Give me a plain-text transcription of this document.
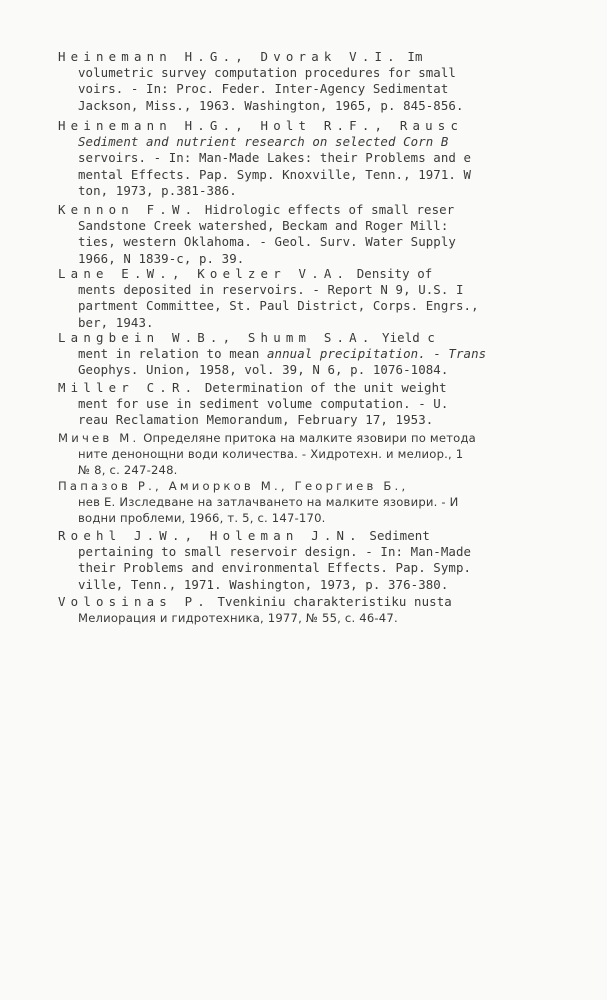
Heinemann H.G., Dvorak V.I. Im
volumetric survey computation procedures for small
voirs. - In: Proc. Feder. Inter-Agency Sedimentat
Jackson, Miss., 1963. Washington, 1965, p. 845-856.
Heinemann H.G., Holt R.F., Rausc
Sediment and nutrient research on selected Corn B
servoirs. - In: Man-Made Lakes: their Problems and e
mental Effects. Pap. Symp. Knoxville, Tenn., 1971. W
ton, 1973, p.381-386.
Kennon F.W. Hidrologic effects of small reser
Sandstone Creek watershed, Beckam and Roger Mill:
ties, western Oklahoma. - Geol. Surv. Water Supply
1966, N 1839-c, p. 39.
Lane E.W., Koelzer V.A. Density of
ments deposited in reservoirs. - Report N 9, U.S. I
partment Committee, St. Paul District, Corps. Engrs.,
ber, 1943.
Langbein W.B., Shumm S.A. Yield c
ment in relation to mean annual precipitation. - Trans
Geophys. Union, 1958, vol. 39, N 6, p. 1076-1084.
Miller C.R. Determination of the unit weight
ment for use in sediment volume computation. - U.
reau Reclamation Memorandum, February 17, 1953.
Мичев М. Определяне притока на малките язовири по метода
ните денонощни води количества. - Хидротехн. и мелиор., 1
№ 8, с. 247-248.
Папазов Р., Амиорков М., Георгиев Б.,
нев Е. Изследване на затлачването на малките язовири. - И
водни проблеми, 1966, т. 5, с. 147-170.
Roehl J.W., Holeman J.N. Sediment
pertaining to small reservoir design. - In: Man-Made
their Problems and environmental Effects. Pap. Symp.
ville, Tenn., 1971. Washington, 1973, p. 376-380.
Volosinas P. Tvenkiniu charakteristiku nusta
Мелиорация и гидротехника, 1977, № 55, с. 46-47.
